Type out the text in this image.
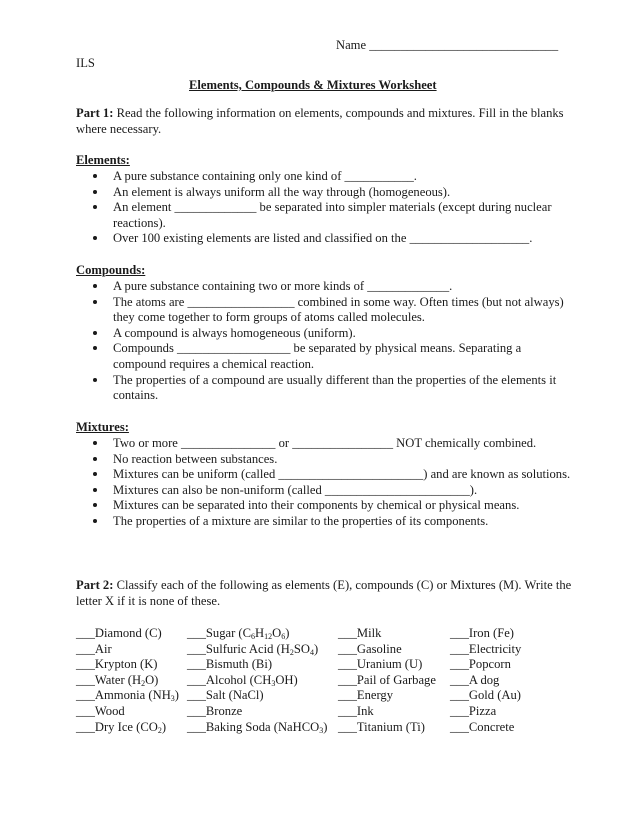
Name ______________________________
ILS
Elements, Compounds & Mixtures Worksheet
Part 1: Read the following information on elements, compounds and mixtures. Fill in the blanks where necessary.
Elements:
A pure substance containing only one kind of ___________.
An element is always uniform all the way through (homogeneous).
An element _____________ be separated into simpler materials (except during nuclear reactions).
Over 100 existing elements are listed and classified on the ___________________.
Compounds:
A pure substance containing two or more kinds of _____________.
The atoms are _________________ combined in some way. Often times (but not always) they come together to form groups of atoms called molecules.
A compound is always homogeneous (uniform).
Compounds __________________ be separated by physical means. Separating a compound requires a chemical reaction.
The properties of a compound are usually different than the properties of the elements it contains.
Mixtures:
Two or more _______________ or ________________ NOT chemically combined.
No reaction between substances.
Mixtures can be uniform (called _______________________) and are known as solutions.
Mixtures can also be non-uniform (called _______________________).
Mixtures can be separated into their components by chemical or physical means.
The properties of a mixture are similar to the properties of its components.
Part 2: Classify each of the following as elements (E), compounds (C) or Mixtures (M). Write the letter X if it is none of these.
___Diamond (C)	___Sugar $(C_6H_{12}O_6)$	___Milk	___Iron (Fe)
___Air	___Sulfuric Acid $(H_2SO_4)$	___Gasoline	___Electricity
___Krypton (K)	___Bismuth (Bi)	___Uranium (U)	___Popcorn
___Water $(H_2O)$	___Alcohol $(CH_3OH)$	___Pail of Garbage	___A dog
___Ammonia $(NH_3)$ ___Salt (NaCl)	___Energy	___Gold (Au)
___Wood	___Bronze	___Ink	___Pizza
___Dry Ice $(CO_2)$	___Baking Soda (NaHCO$_3$) ___Titanium (Ti)	___Concrete
